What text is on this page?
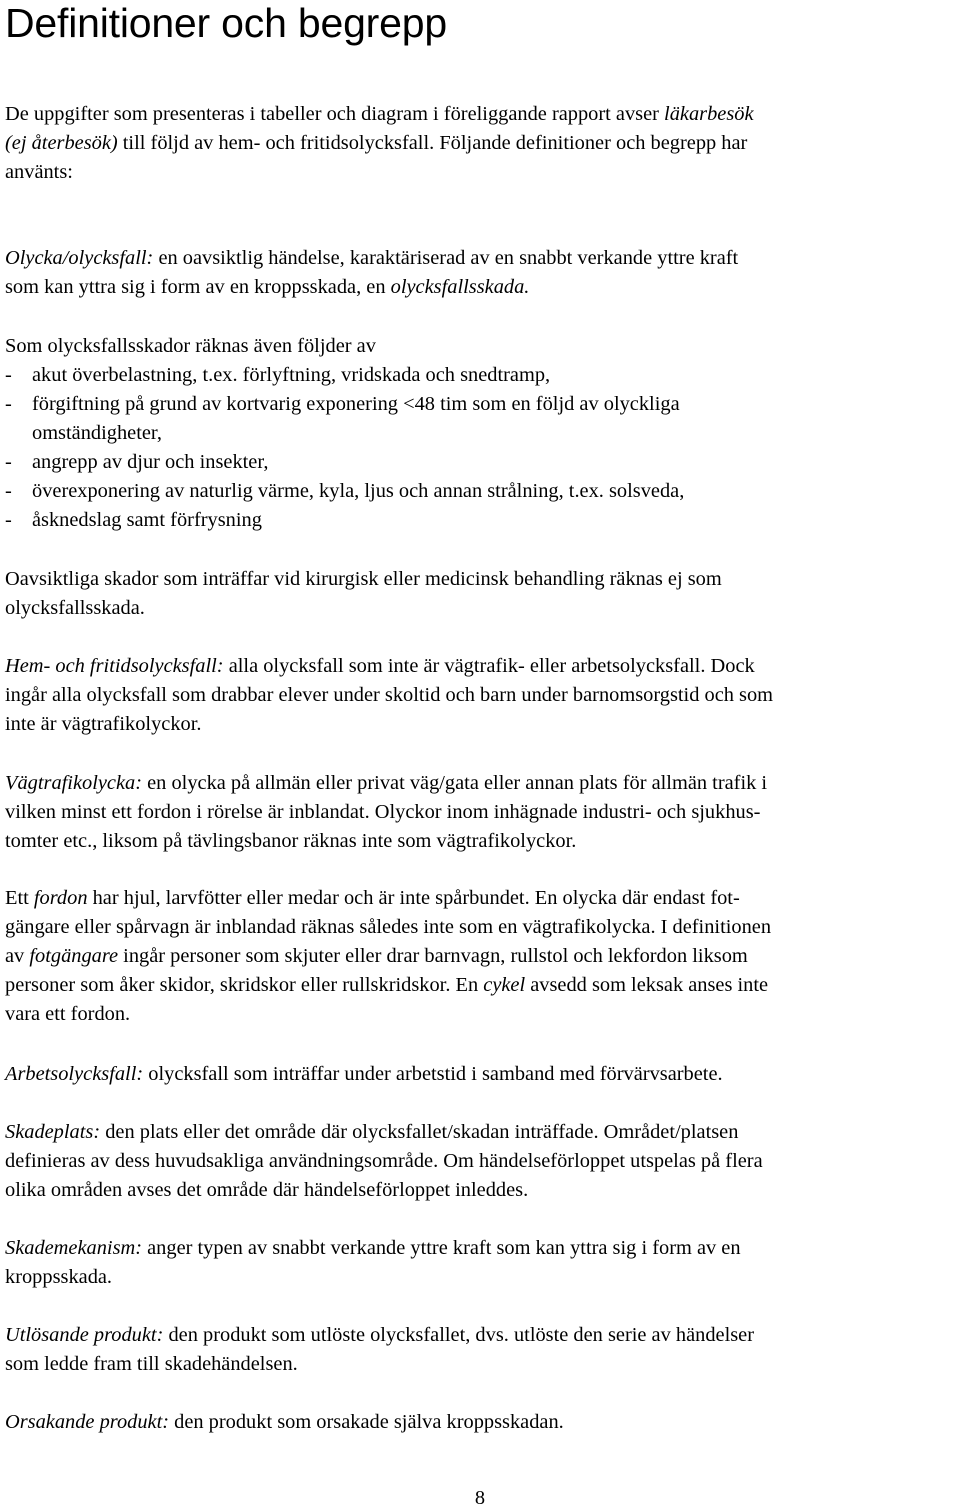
Definitioner och begrepp
De uppgifter som presenteras i tabeller och diagram i föreliggande rapport avser läkarbesök
(ej återbesök) till följd av hem- och fritidsolycksfall. Följande definitioner och begrepp har
använts:
Olycka/olycksfall: en oavsiktlig händelse, karaktäriserad av en snabbt verkande yttre kraft
som kan yttra sig i form av en kroppsskada, en olycksfallsskada.
Som olycksfallsskador räknas även följder av
- akut överbelastning, t.ex. förlyftning, vridskada och snedtramp,
- förgiftning på grund av kortvarig exponering <48 tim som en följd av olyckliga
omständigheter,
- angrepp av djur och insekter,
- överexponering av naturlig värme, kyla, ljus och annan strålning, t.ex. solsveda,
- åsknedslag samt förfrysning
Oavsiktliga skador som inträffar vid kirurgisk eller medicinsk behandling räknas ej som
olycksfallsskada.
Hem- och fritidsolycksfall: alla olycksfall som inte är vägtrafik- eller arbetsolycksfall. Dock
ingår alla olycksfall som drabbar elever under skoltid och barn under barnomsorgstid och som
inte är vägtrafikolyckor.
Vägtrafikolycka: en olycka på allmän eller privat väg/gata eller annan plats för allmän trafik i
vilken minst ett fordon i rörelse är inblandat. Olyckor inom inhägnade industri- och sjukhus-
tomter etc., liksom på tävlingsbanor räknas inte som vägtrafikolyckor.
Ett fordon har hjul, larvfötter eller medar och är inte spårbundet. En olycka där endast fot-
gängare eller spårvagn är inblandad räknas således inte som en vägtrafikolycka. I definitionen
av fotgängare ingår personer som skjuter eller drar barnvagn, rullstol och lekfordon liksom
personer som åker skidor, skridskor eller rullskridskor. En cykel avsedd som leksak anses inte
vara ett fordon.
Arbetsolycksfall: olycksfall som inträffar under arbetstid i samband med förvärvsarbete.
Skadeplats: den plats eller det område där olycksfallet/skadan inträffade. Området/platsen
definieras av dess huvudsakliga användningsområde. Om händelseförloppet utspelas på flera
olika områden avses det område där händelseförloppet inleddes.
Skademekanism: anger typen av snabbt verkande yttre kraft som kan yttra sig i form av en
kroppsskada.
Utlösande produkt: den produkt som utlöste olycksfallet, dvs. utlöste den serie av händelser
som ledde fram till skadehändelsen.
Orsakande produkt: den produkt som orsakade själva kroppsskadan.
8
